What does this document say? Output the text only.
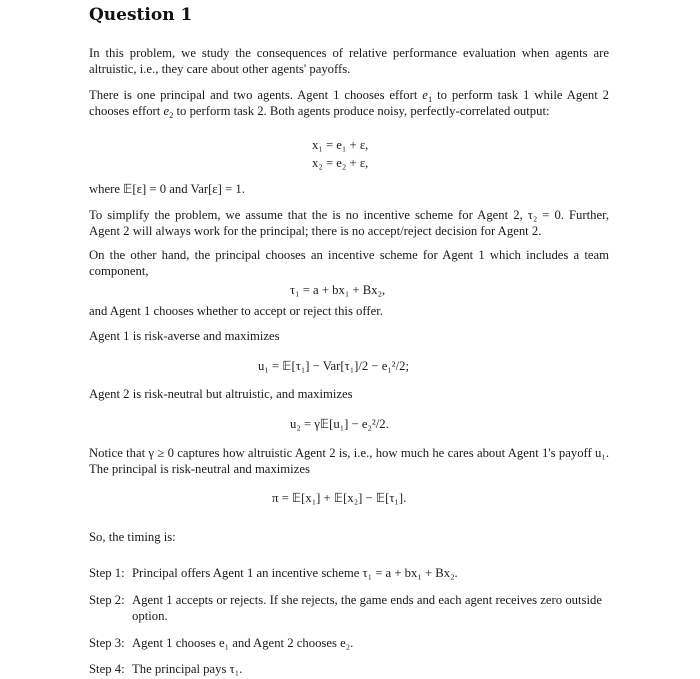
Question 1
In this problem, we study the consequences of relative performance evaluation when agents are altruistic, i.e., they care about other agents' payoffs.
There is one principal and two agents. Agent 1 chooses effort $e_1$ to perform task 1 while Agent 2 chooses effort $e_2$ to perform task 2. Both agents produce noisy, perfectly-correlated output:
x₁ = e₁ + ε,
x₂ = e₂ + ε,
where 𝔼[ε] = 0 and Var[ε] = 1.
To simplify the problem, we assume that the is no incentive scheme for Agent 2, τ₂ = 0. Further, Agent 2 will always work for the principal; there is no accept/reject decision for Agent 2.
On the other hand, the principal chooses an incentive scheme for Agent 1 which includes a team component,
τ₁ = a + bx₁ + Bx₂,
and Agent 1 chooses whether to accept or reject this offer.
Agent 1 is risk-averse and maximizes
u₁ = 𝔼[τ₁] − Var[τ₁]/2 − e₁²/2;
Agent 2 is risk-neutral but altruistic, and maximizes
u₂ = γ𝔼[u₁] − e₂²/2.
Notice that γ ≥ 0 captures how altruistic Agent 2 is, i.e., how much he cares about Agent 1's payoff u₁. The principal is risk-neutral and maximizes
π = 𝔼[x₁] + 𝔼[x₂] − 𝔼[τ₁].
So, the timing is:
Step 1: Principal offers Agent 1 an incentive scheme τ₁ = a + bx₁ + Bx₂.
Step 2: Agent 1 accepts or rejects. If she rejects, the game ends and each agent receives zero outside option.
Step 3: Agent 1 chooses e₁ and Agent 2 chooses e₂.
Step 4: The principal pays τ₁.
